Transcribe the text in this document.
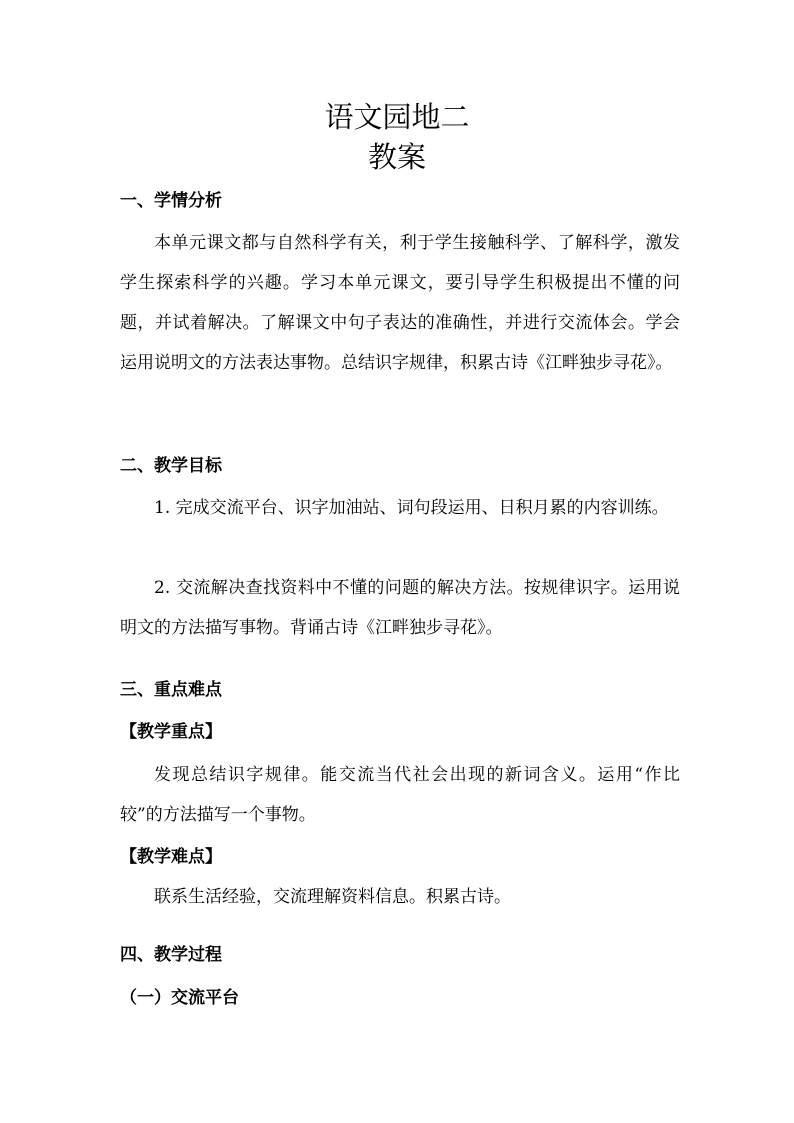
语文园地二
教案
一、学情分析
本单元课文都与自然科学有关，利于学生接触科学、了解科学，激发学生探索科学的兴趣。学习本单元课文，要引导学生积极提出不懂的问题，并试着解决。了解课文中句子表达的准确性，并进行交流体会。学会运用说明文的方法表达事物。总结识字规律，积累古诗《江畔独步寻花》。
二、教学目标
1. 完成交流平台、识字加油站、词句段运用、日积月累的内容训练。
2. 交流解决查找资料中不懂的问题的解决方法。按规律识字。运用说明文的方法描写事物。背诵古诗《江畔独步寻花》。
三、重点难点
【教学重点】
发现总结识字规律。能交流当代社会出现的新词含义。运用“作比较”的方法描写一个事物。
【教学难点】
联系生活经验，交流理解资料信息。积累古诗。
四、教学过程
（一）交流平台
